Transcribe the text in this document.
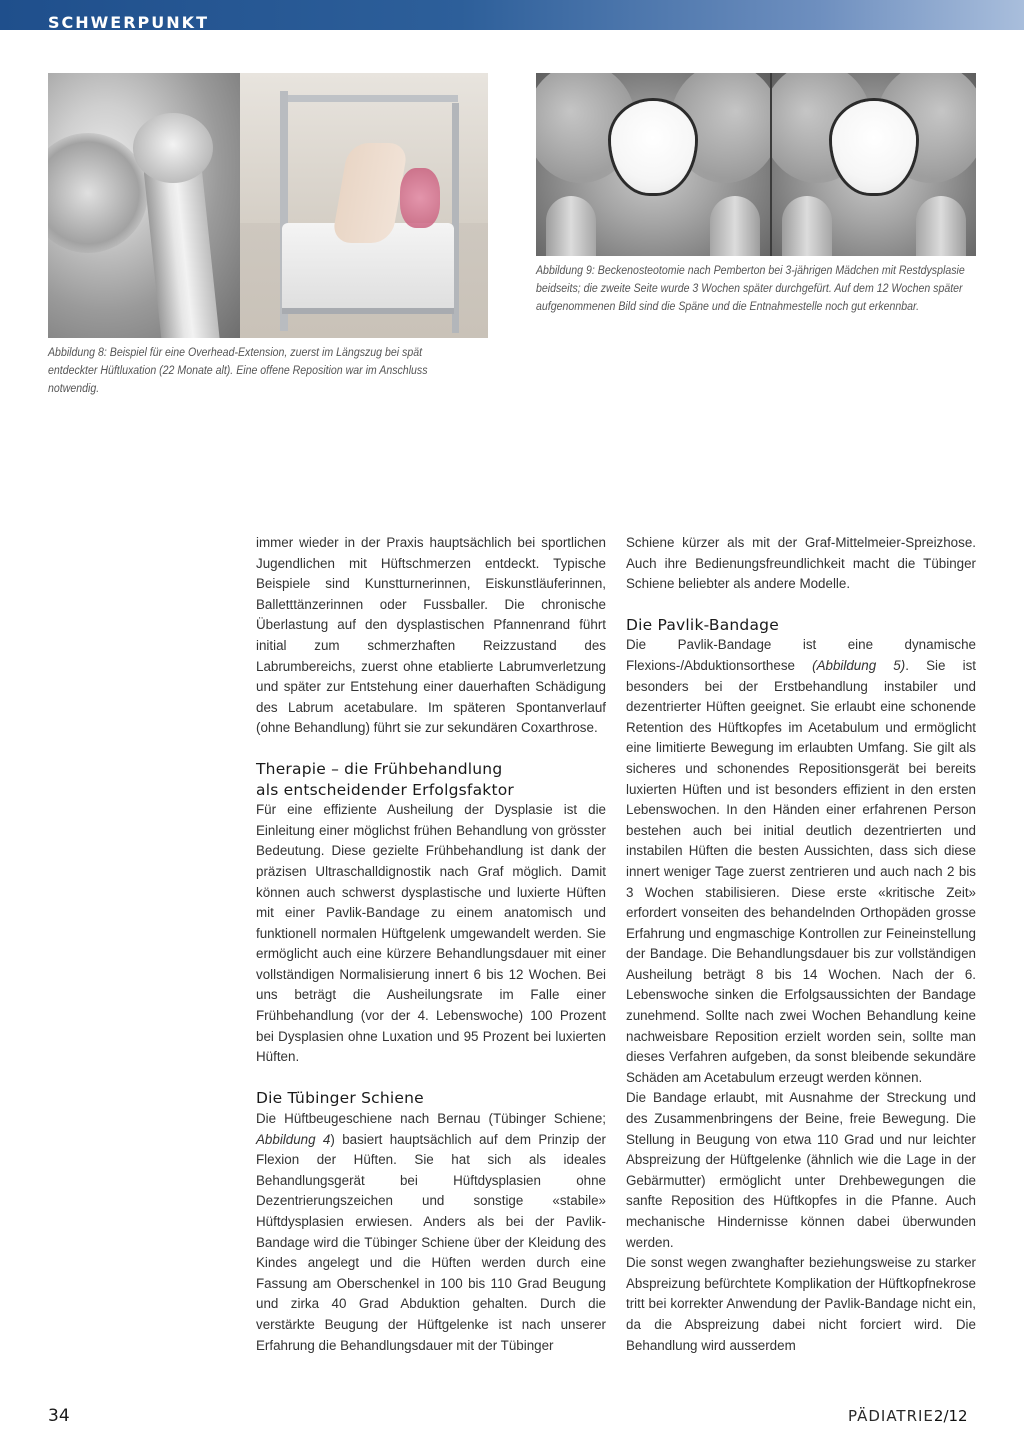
SCHWERPUNKT
Abbildung 8: Beispiel für eine Overhead-Extension, zuerst im Längszug bei spät entdeckter Hüftluxation (22 Monate alt). Eine offene Reposition war im Anschluss notwendig.
Abbildung 9: Beckenosteotomie nach Pemberton bei 3-jährigen Mädchen mit Restdysplasie beidseits; die zweite Seite wurde 3 Wochen später durchgefürt. Auf dem 12 Wochen später aufgenommenen Bild sind die Späne und die Entnahmestelle noch gut erkennbar.

immer wieder in der Praxis hauptsächlich bei sportlichen Jugendlichen mit Hüftschmerzen entdeckt. Typische Beispiele sind Kunstturnerinnen, Eiskunstläuferinnen, Balletttänzerinnen oder Fussballer. Die chronische Überlastung auf den dysplastischen Pfannenrand führt initial zum schmerzhaften Reizzustand des Labrumbereichs, zuerst ohne etablierte Labrumverletzung und später zur Entstehung einer dauerhaften Schädigung des Labrum acetabulare. Im späteren Spontanverlauf (ohne Behandlung) führt sie zur sekundären Coxarthrose.

Therapie – die Frühbehandlung
als entscheidender Erfolgsfaktor

Für eine effiziente Ausheilung der Dysplasie ist die Einleitung einer möglichst frühen Behandlung von grösster Bedeutung. Diese gezielte Frühbehandlung ist dank der präzisen Ultraschalldignostik nach Graf möglich. Damit können auch schwerst dysplastische und luxierte Hüften mit einer Pavlik-Bandage zu einem anatomisch und funktionell normalen Hüftgelenk umgewandelt werden. Sie ermöglicht auch eine kürzere Behandlungsdauer mit einer vollständigen Normalisierung innert 6 bis 12 Wochen. Bei uns beträgt die Ausheilungsrate im Falle einer Frühbehandlung (vor der 4. Lebenswoche) 100 Prozent bei Dysplasien ohne Luxation und 95 Prozent bei luxierten Hüften.

Die Tübinger Schiene

Die Hüftbeugeschiene nach Bernau (Tübinger Schiene; Abbildung 4) basiert hauptsächlich auf dem Prinzip der Flexion der Hüften. Sie hat sich als ideales Behandlungsgerät bei Hüftdysplasien ohne Dezentrierungszeichen und sonstige «stabile» Hüftdysplasien erwiesen. Anders als bei der Pavlik-Bandage wird die Tübinger Schiene über der Kleidung des Kindes angelegt und die Hüften werden durch eine Fassung am Oberschenkel in 100 bis 110 Grad Beugung und zirka 40 Grad Abduktion gehalten. Durch die verstärkte Beugung der Hüftgelenke ist nach unserer Erfahrung die Behandlungsdauer mit der Tübinger

Schiene kürzer als mit der Graf-Mittelmeier-Spreizhose. Auch ihre Bedienungsfreundlichkeit macht die Tübinger Schiene beliebter als andere Modelle.

Die Pavlik-Bandage

Die Pavlik-Bandage ist eine dynamische Flexions-/Abduktionsorthese (Abbildung 5). Sie ist besonders bei der Erstbehandlung instabiler und dezentrierter Hüften geeignet. Sie erlaubt eine schonende Retention des Hüftkopfes im Acetabulum und ermöglicht eine limitierte Bewegung im erlaubten Umfang. Sie gilt als sicheres und schonendes Repositionsgerät bei bereits luxierten Hüften und ist besonders effizient in den ersten Lebenswochen. In den Händen einer erfahrenen Person bestehen auch bei initial deutlich dezentrierten und instabilen Hüften die besten Aussichten, dass sich diese innert weniger Tage zuerst zentrieren und auch nach 2 bis 3 Wochen stabilisieren. Diese erste «kritische Zeit» erfordert vonseiten des behandelnden Orthopäden grosse Erfahrung und engmaschige Kontrollen zur Feineinstellung der Bandage. Die Behandlungsdauer bis zur vollständigen Ausheilung beträgt 8 bis 14 Wochen. Nach der 6. Lebenswoche sinken die Erfolgsaussichten der Bandage zunehmend. Sollte nach zwei Wochen Behandlung keine nachweisbare Reposition erzielt worden sein, sollte man dieses Verfahren aufgeben, da sonst bleibende sekundäre Schäden am Acetabulum erzeugt werden können.

Die Bandage erlaubt, mit Ausnahme der Streckung und des Zusammenbringens der Beine, freie Bewegung. Die Stellung in Beugung von etwa 110 Grad und nur leichter Abspreizung der Hüftgelenke (ähnlich wie die Lage in der Gebärmutter) ermöglicht unter Drehbewegungen die sanfte Reposition des Hüftkopfes in die Pfanne. Auch mechanische Hindernisse können dabei überwunden werden.

Die sonst wegen zwanghafter beziehungsweise zu starker Abspreizung befürchtete Komplikation der Hüftkopfnekrose tritt bei korrekter Anwendung der Pavlik-Bandage nicht ein, da die Abspreizung dabei nicht forciert wird. Die Behandlung wird ausserdem

34	PÄDIATRIE2/12
